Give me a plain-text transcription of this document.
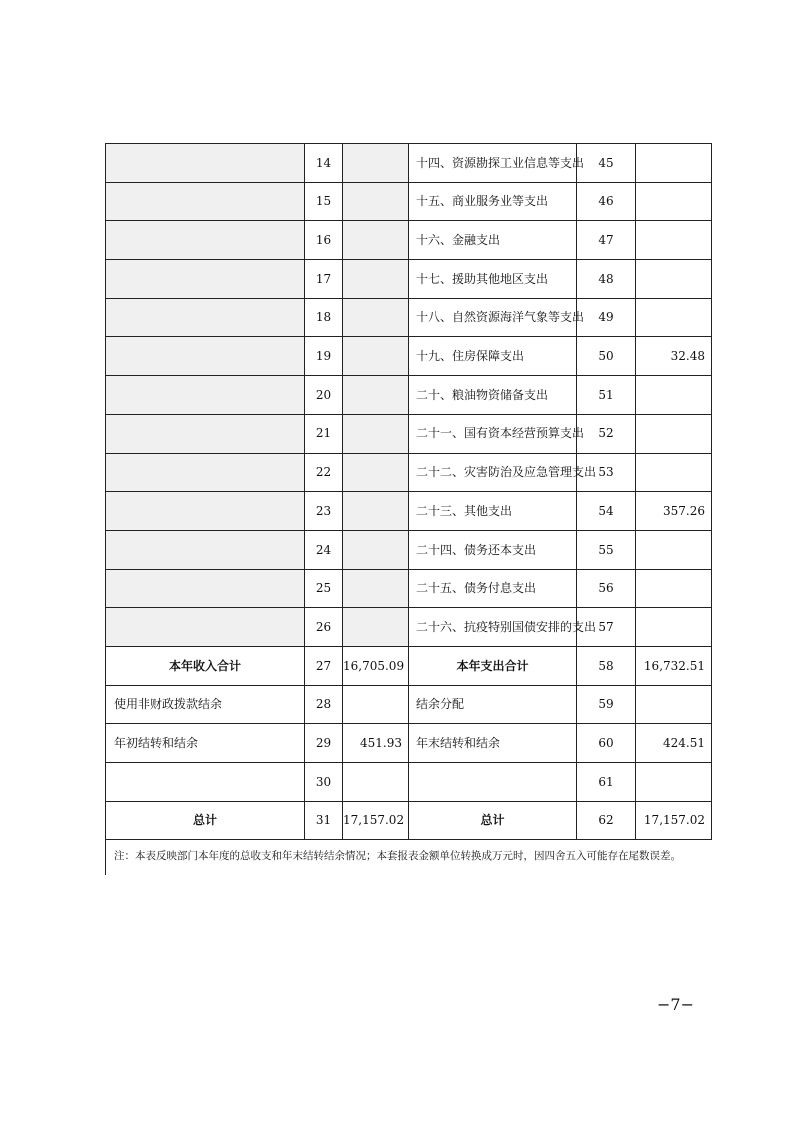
	14		十四、资源勘探工业信息等支出	45	
	15		十五、商业服务业等支出	46	
	16		十六、金融支出	47	
	17		十七、援助其他地区支出	48	
	18		十八、自然资源海洋气象等支出	49	
	19		十九、住房保障支出	50	32.48
	20		二十、粮油物资储备支出	51	
	21		二十一、国有资本经营预算支出	52	
	22		二十二、灾害防治及应急管理支出	53	
	23		二十三、其他支出	54	357.26
	24		二十四、债务还本支出	55	
	25		二十五、债务付息支出	56	
	26		二十六、抗疫特别国债安排的支出	57	
本年收入合计	27	16,705.09	本年支出合计	58	16,732.51
使用非财政拨款结余	28		结余分配	59	
年初结转和结余	29	451.93	年末结转和结余	60	424.51
	30			61	
总计	31	17,157.02	总计	62	17,157.02
注：本表反映部门本年度的总收支和年末结转结余情况；本套报表金额单位转换成万元时，因四舍五入可能存在尾数误差。
−7−
